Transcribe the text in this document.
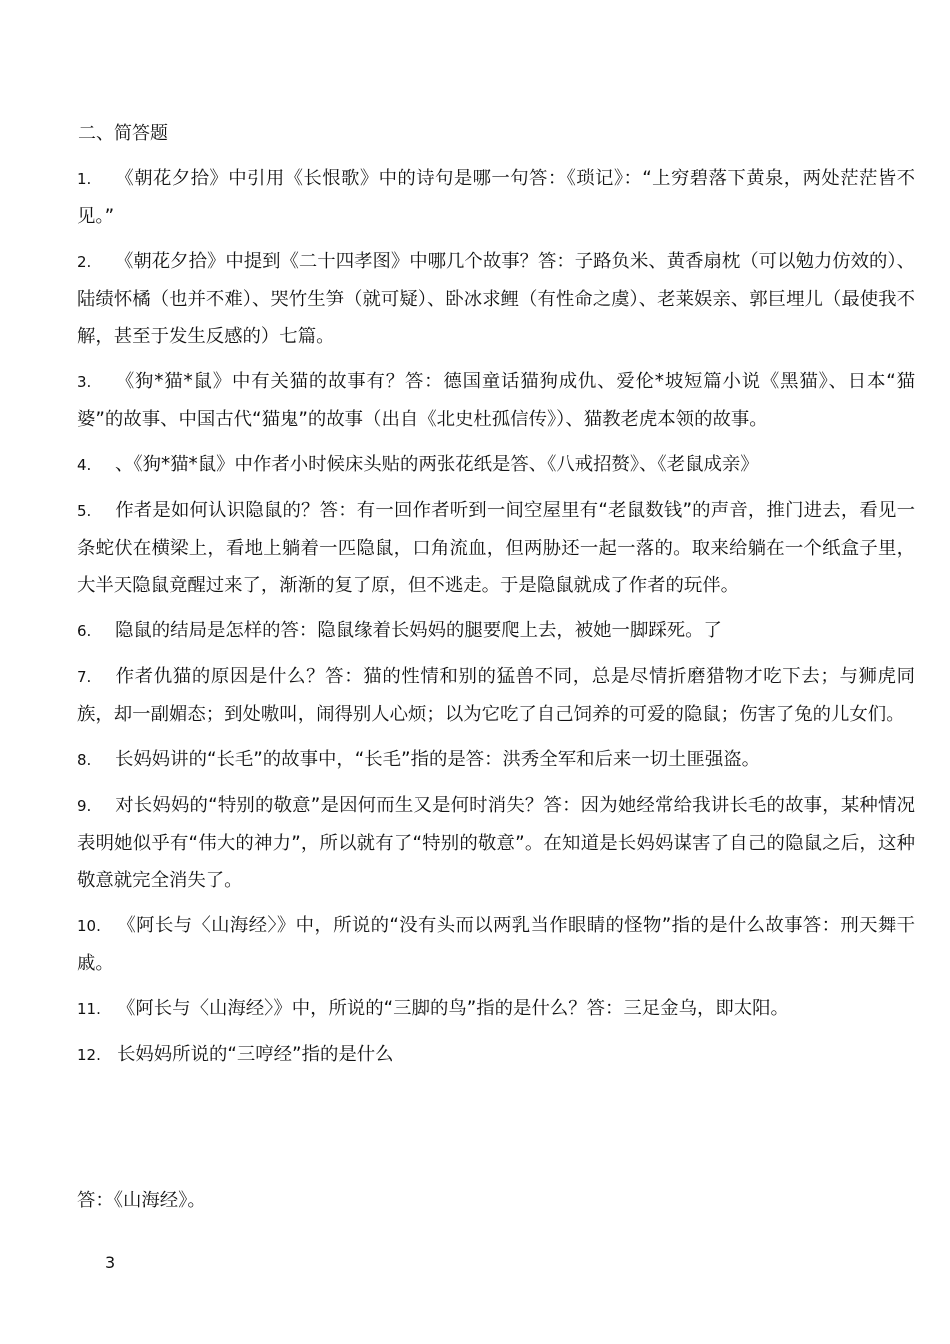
二、简答题
1. 《朝花夕拾》中引用《长恨歌》中的诗句是哪一句答：《琐记》：“上穷碧落下黄泉，两处茫茫皆不见。”
2. 《朝花夕拾》中提到《二十四孝图》中哪几个故事？答：子路负米、黄香扇枕（可以勉力仿效的）、陆绩怀橘（也并不难）、哭竹生笋（就可疑）、卧冰求鲤（有性命之虞）、老莱娱亲、郭巨埋儿（最使我不解，甚至于发生反感的）七篇。
3. 《狗*猫*鼠》中有关猫的故事有？答：德国童话猫狗成仇、爱伦*坡短篇小说《黑猫》、日本“猫婆”的故事、中国古代“猫鬼”的故事（出自《北史杜孤信传》）、猫教老虎本领的故事。
4. 、《狗*猫*鼠》中作者小时候床头贴的两张花纸是答、《八戒招赘》、《老鼠成亲》
5. 作者是如何认识隐鼠的？答：有一回作者听到一间空屋里有“老鼠数钱”的声音，推门进去，看见一条蛇伏在横梁上，看地上躺着一匹隐鼠，口角流血，但两胁还一起一落的。取来给躺在一个纸盒子里，大半天隐鼠竟醒过来了，渐渐的复了原，但不逃走。于是隐鼠就成了作者的玩伴。
6. 隐鼠的结局是怎样的答：隐鼠缘着长妈妈的腿要爬上去，被她一脚踩死。了
7. 作者仇猫的原因是什么？答：猫的性情和别的猛兽不同，总是尽情折磨猎物才吃下去；与狮虎同族，却一副媚态；到处嗷叫，闹得别人心烦；以为它吃了自己饲养的可爱的隐鼠；伤害了兔的儿女们。
8. 长妈妈讲的“长毛”的故事中，“长毛”指的是答：洪秀全军和后来一切土匪强盗。
9. 对长妈妈的“特别的敬意”是因何而生又是何时消失？答：因为她经常给我讲长毛的故事，某种情况表明她似乎有“伟大的神力”，所以就有了“特别的敬意”。在知道是长妈妈谋害了自己的隐鼠之后，这种敬意就完全消失了。
10. 《阿长与〈山海经〉》中，所说的“没有头而以两乳当作眼睛的怪物”指的是什么故事答：刑天舞干戚。
11. 《阿长与〈山海经〉》中，所说的“三脚的鸟”指的是什么？答：三足金乌，即太阳。
12. 长妈妈所说的“三哼经”指的是什么

答：《山海经》。

3
